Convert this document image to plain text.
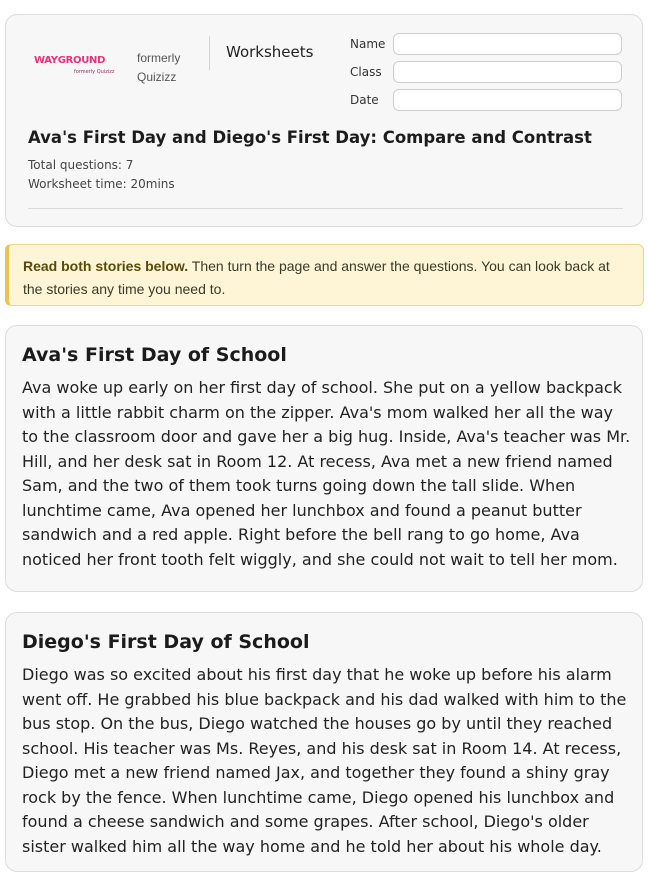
WAYGROUND
formerly Quizizz
formerly Quizizz
Worksheets	Name
Class
Date
Ava's First Day and Diego's First Day: Compare and Contrast
Total questions: 7
Worksheet time: 20mins
Read both stories below. Then turn the page and answer the questions. You can look back at the stories any time you need to.
Ava's First Day of School
Ava woke up early on her first day of school. She put on a yellow backpack with a little rabbit charm on the zipper. Ava's mom walked her all the way to the classroom door and gave her a big hug. Inside, Ava's teacher was Mr. Hill, and her desk sat in Room 12. At recess, Ava met a new friend named Sam, and the two of them took turns going down the tall slide. When lunchtime came, Ava opened her lunchbox and found a peanut butter sandwich and a red apple. Right before the bell rang to go home, Ava noticed her front tooth felt wiggly, and she could not wait to tell her mom.
Diego's First Day of School
Diego was so excited about his first day that he woke up before his alarm went off. He grabbed his blue backpack and his dad walked with him to the bus stop. On the bus, Diego watched the houses go by until they reached school. His teacher was Ms. Reyes, and his desk sat in Room 14. At recess, Diego met a new friend named Jax, and together they found a shiny gray rock by the fence. When lunchtime came, Diego opened his lunchbox and found a cheese sandwich and some grapes. After school, Diego's older sister walked him all the way home and he told her about his whole day.
